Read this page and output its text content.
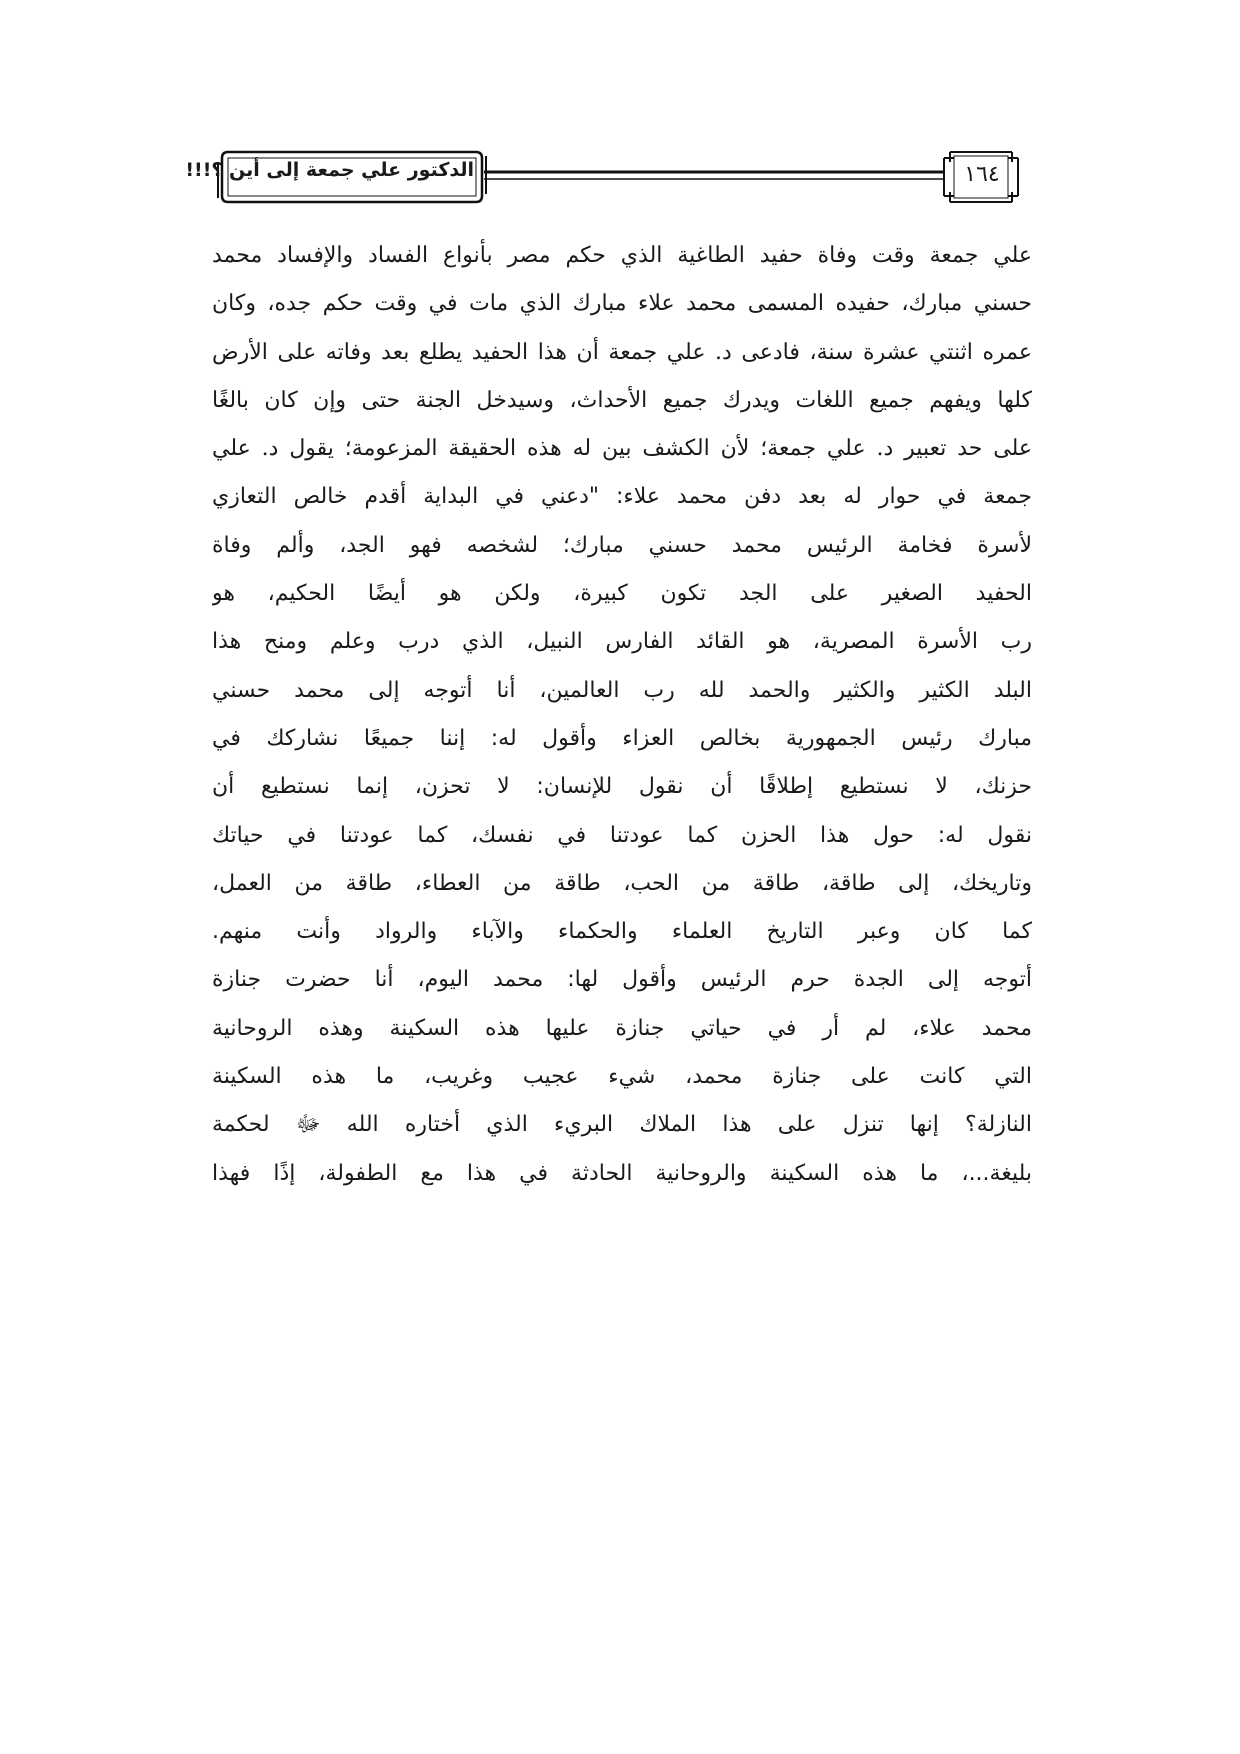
١٦٤
الدكتور علي جمعة إلى أين ؟!!!
علي جمعة وقت وفاة حفيد الطاغية الذي حكم مصر بأنواع الفساد والإفساد محمد
حسني مبارك، حفيده المسمى محمد علاء مبارك الذي مات في وقت حكم جده، وكان
عمره اثنتي عشرة سنة، فادعى د. علي جمعة أن هذا الحفيد يطلع بعد وفاته على الأرض
كلها ويفهم جميع اللغات ويدرك جميع الأحداث، وسيدخل الجنة حتى وإن كان بالغًا
على حد تعبير د. علي جمعة؛ لأن الكشف بين له هذه الحقيقة المزعومة؛ يقول د. علي
جمعة في حوار له بعد دفن محمد علاء: "دعني في البداية أقدم خالص التعازي
لأسرة فخامة الرئيس محمد حسني مبارك؛ لشخصه فهو الجد، وألم وفاة
الحفيد الصغير على الجد تكون كبيرة، ولكن هو أيضًا الحكيم، هو
رب الأسرة المصرية، هو القائد الفارس النبيل، الذي درب وعلم ومنح هذا
البلد الكثير والكثير والحمد لله رب العالمين، أنا أتوجه إلى محمد حسني
مبارك رئيس الجمهورية بخالص العزاء وأقول له: إننا جميعًا نشاركك في
حزنك، لا نستطيع إطلاقًا أن نقول للإنسان: لا تحزن، إنما نستطيع أن
نقول له: حول هذا الحزن كما عودتنا في نفسك، كما عودتنا في حياتك
وتاريخك، إلى طاقة، طاقة من الحب، طاقة من العطاء، طاقة من العمل،
كما كان وعبر التاريخ العلماء والحكماء والآباء والرواد وأنت منهم.
أتوجه إلى الجدة حرم الرئيس وأقول لها: محمد اليوم، أنا حضرت جنازة
محمد علاء، لم أر في حياتي جنازة عليها هذه السكينة وهذه الروحانية
التي كانت على جنازة محمد، شيء عجيب وغريب، ما هذه السكينة
النازلة؟ إنها تنزل على هذا الملاك البريء الذي أختاره الله ﷻ لحكمة
بليغة...، ما هذه السكينة والروحانية الحادثة في هذا مع الطفولة، إذًا فهذا
